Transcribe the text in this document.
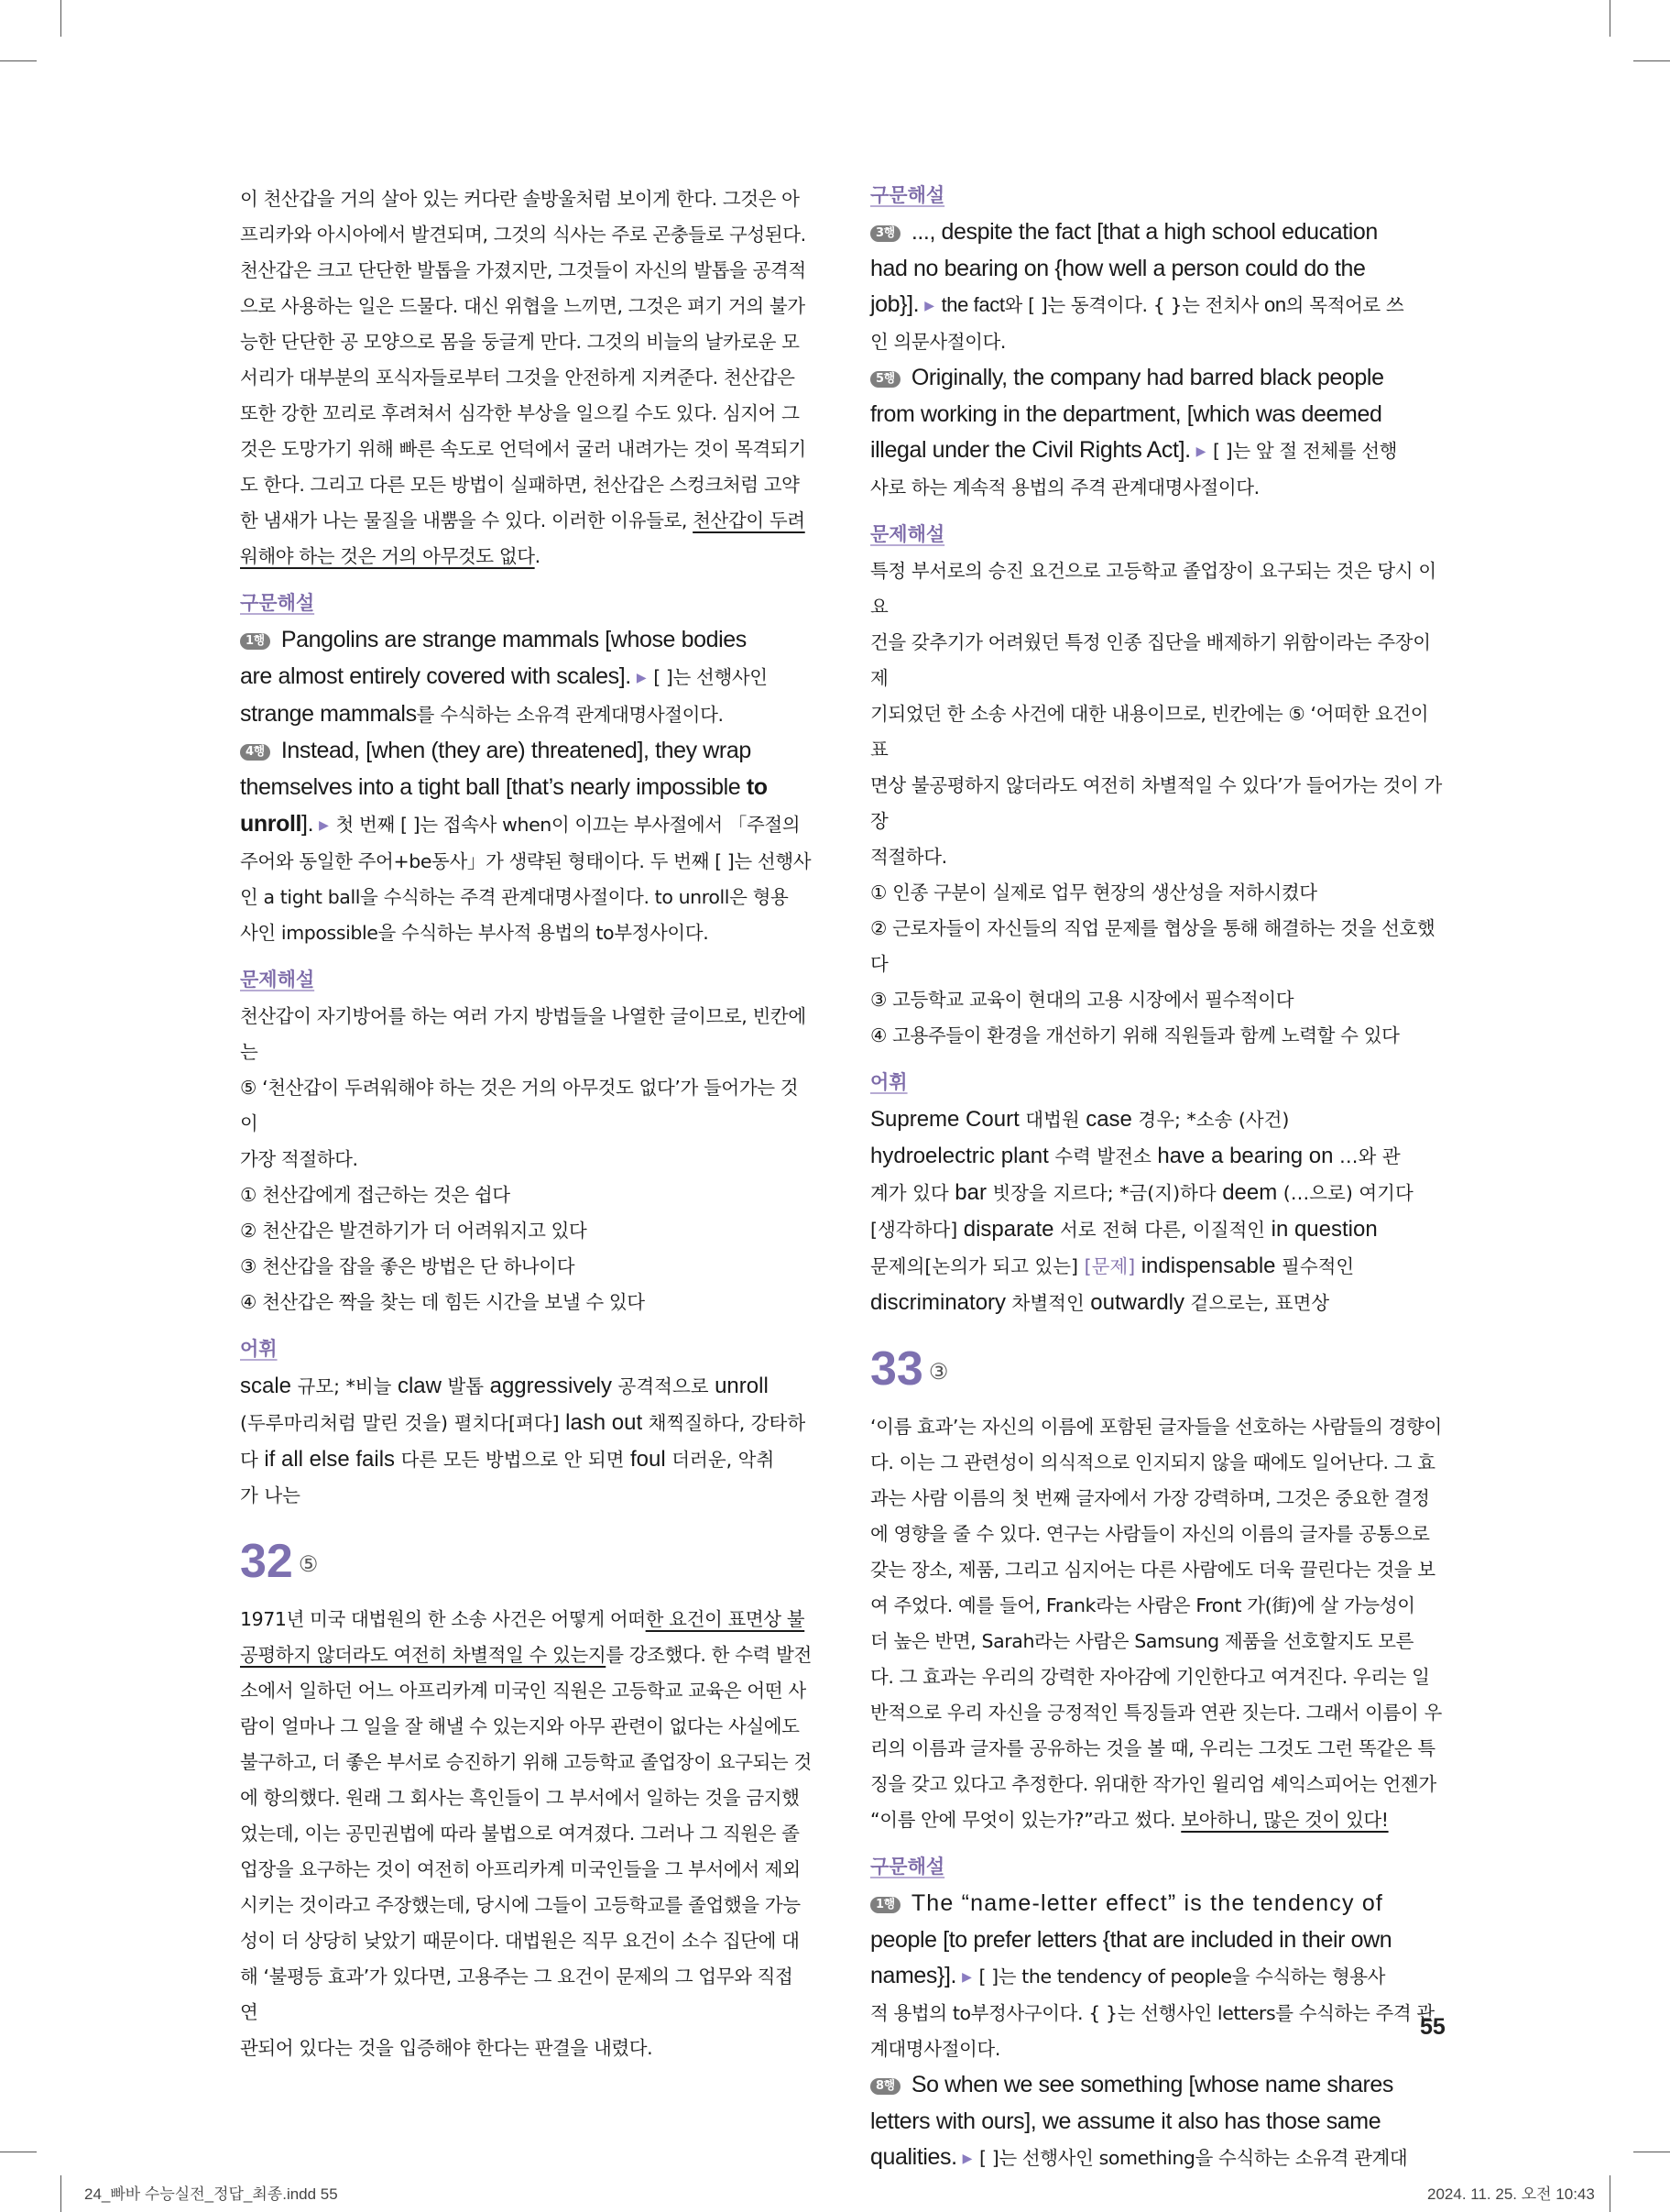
이 천산갑을 거의 살아 있는 커다란 솔방울처럼 보이게 한다. 그것은 아

프리카와 아시아에서 발견되며, 그것의 식사는 주로 곤충들로 구성된다.

천산갑은 크고 단단한 발톱을 가졌지만, 그것들이 자신의 발톱을 공격적

으로 사용하는 일은 드물다. 대신 위협을 느끼면, 그것은 펴기 거의 불가

능한 단단한 공 모양으로 몸을 둥글게 만다. 그것의 비늘의 날카로운 모

서리가 대부분의 포식자들로부터 그것을 안전하게 지켜준다. 천산갑은

또한 강한 꼬리로 후려쳐서 심각한 부상을 일으킬 수도 있다. 심지어 그

것은 도망가기 위해 빠른 속도로 언덕에서 굴러 내려가는 것이 목격되기

도 한다. 그리고 다른 모든 방법이 실패하면, 천산갑은 스컹크처럼 고약

한 냄새가 나는 물질을 내뿜을 수 있다. 이러한 이유들로, 천산갑이 두려

워해야 하는 것은 거의 아무것도 없다.

구문해설

1행 Pangolins are strange mammals [whose bodies

are almost entirely covered with scales]. ▶ [ ]는 선행사인

strange mammals를 수식하는 소유격 관계대명사절이다.

4행 Instead, [when (they are) threatened], they wrap

themselves into a tight ball [that’s nearly impossible to

unroll]. ▶ 첫 번째 [ ]는 접속사 when이 이끄는 부사절에서 「주절의

주어와 동일한 주어+be동사」가 생략된 형태이다. 두 번째 [ ]는 선행사

인 a tight ball을 수식하는 주격 관계대명사절이다. to unroll은 형용

사인 impossible을 수식하는 부사적 용법의 to부정사이다.

문제해설

천산갑이 자기방어를 하는 여러 가지 방법들을 나열한 글이므로, 빈칸에는

⑤ ‘천산갑이 두려워해야 하는 것은 거의 아무것도 없다’가 들어가는 것이

가장 적절하다.

① 천산갑에게 접근하는 것은 쉽다

② 천산갑은 발견하기가 더 어려워지고 있다

③ 천산갑을 잡을 좋은 방법은 단 하나이다

④ 천산갑은 짝을 찾는 데 힘든 시간을 보낼 수 있다

어휘

scale 규모; *비늘 claw 발톱 aggressively 공격적으로 unroll

(두루마리처럼 말린 것을) 펼치다[펴다] lash out 채찍질하다, 강타하

다 if all else fails 다른 모든 방법으로 안 되면 foul 더러운, 악취

가 나는

32 ⑤

1971년 미국 대법원의 한 소송 사건은 어떻게 어떠한 요건이 표면상 불

공평하지 않더라도 여전히 차별적일 수 있는지를 강조했다. 한 수력 발전

소에서 일하던 어느 아프리카계 미국인 직원은 고등학교 교육은 어떤 사

람이 얼마나 그 일을 잘 해낼 수 있는지와 아무 관련이 없다는 사실에도

불구하고, 더 좋은 부서로 승진하기 위해 고등학교 졸업장이 요구되는 것

에 항의했다. 원래 그 회사는 흑인들이 그 부서에서 일하는 것을 금지했

었는데, 이는 공민권법에 따라 불법으로 여겨졌다. 그러나 그 직원은 졸

업장을 요구하는 것이 여전히 아프리카계 미국인들을 그 부서에서 제외

시키는 것이라고 주장했는데, 당시에 그들이 고등학교를 졸업했을 가능

성이 더 상당히 낮았기 때문이다. 대법원은 직무 요건이 소수 집단에 대

해 ‘불평등 효과’가 있다면, 고용주는 그 요건이 문제의 그 업무와 직접 연

관되어 있다는 것을 입증해야 한다는 판결을 내렸다.

구문해설

3행 ..., despite the fact [that a high school education

had no bearing on {how well a person could do the

job}]. ▶ the fact와 [ ]는 동격이다. { }는 전치사 on의 목적어로 쓰

인 의문사절이다.

5행 Originally, the company had barred black people

from working in the department, [which was deemed

illegal under the Civil Rights Act]. ▶ [ ]는 앞 절 전체를 선행

사로 하는 계속적 용법의 주격 관계대명사절이다.

문제해설

특정 부서로의 승진 요건으로 고등학교 졸업장이 요구되는 것은 당시 이 요

건을 갖추기가 어려웠던 특정 인종 집단을 배제하기 위함이라는 주장이 제

기되었던 한 소송 사건에 대한 내용이므로, 빈칸에는 ⑤ ‘어떠한 요건이 표

면상 불공평하지 않더라도 여전히 차별적일 수 있다’가 들어가는 것이 가장

적절하다.

① 인종 구분이 실제로 업무 현장의 생산성을 저하시켰다

② 근로자들이 자신들의 직업 문제를 협상을 통해 해결하는 것을 선호했다

③ 고등학교 교육이 현대의 고용 시장에서 필수적이다

④ 고용주들이 환경을 개선하기 위해 직원들과 함께 노력할 수 있다

어휘

Supreme Court 대법원 case 경우; *소송 (사건)

hydroelectric plant 수력 발전소 have a bearing on …와 관

계가 있다 bar 빗장을 지르다; *금(지)하다 deem (…으로) 여기다

[생각하다] disparate 서로 전혀 다른, 이질적인 in question

문제의[논의가 되고 있는] [문제] indispensable 필수적인

discriminatory 차별적인 outwardly 겉으로는, 표면상

33 ③

‘이름 효과’는 자신의 이름에 포함된 글자들을 선호하는 사람들의 경향이

다. 이는 그 관련성이 의식적으로 인지되지 않을 때에도 일어난다. 그 효

과는 사람 이름의 첫 번째 글자에서 가장 강력하며, 그것은 중요한 결정

에 영향을 줄 수 있다. 연구는 사람들이 자신의 이름의 글자를 공통으로

갖는 장소, 제품, 그리고 심지어는 다른 사람에도 더욱 끌린다는 것을 보

여 주었다. 예를 들어, Frank라는 사람은 Front 가(街)에 살 가능성이

더 높은 반면, Sarah라는 사람은 Samsung 제품을 선호할지도 모른

다. 그 효과는 우리의 강력한 자아감에 기인한다고 여겨진다. 우리는 일

반적으로 우리 자신을 긍정적인 특징들과 연관 짓는다. 그래서 이름이 우

리의 이름과 글자를 공유하는 것을 볼 때, 우리는 그것도 그런 똑같은 특

징을 갖고 있다고 추정한다. 위대한 작가인 윌리엄 셰익스피어는 언젠가

“이름 안에 무엇이 있는가?”라고 썼다. 보아하니, 많은 것이 있다!

구문해설

1행 The “name-letter effect” is the tendency of

people [to prefer letters {that are included in their own

names}]. ▶ [ ]는 the tendency of people을 수식하는 형용사

적 용법의 to부정사구이다. { }는 선행사인 letters를 수식하는 주격 관

계대명사절이다.

8행 So when we see something [whose name shares

letters with ours], we assume it also has those same

qualities. ▶ [ ]는 선행사인 something을 수식하는 소유격 관계대

55
24_빠바 수능실전_정답_최종.indd 55	2024. 11. 25. 오전 10:43
